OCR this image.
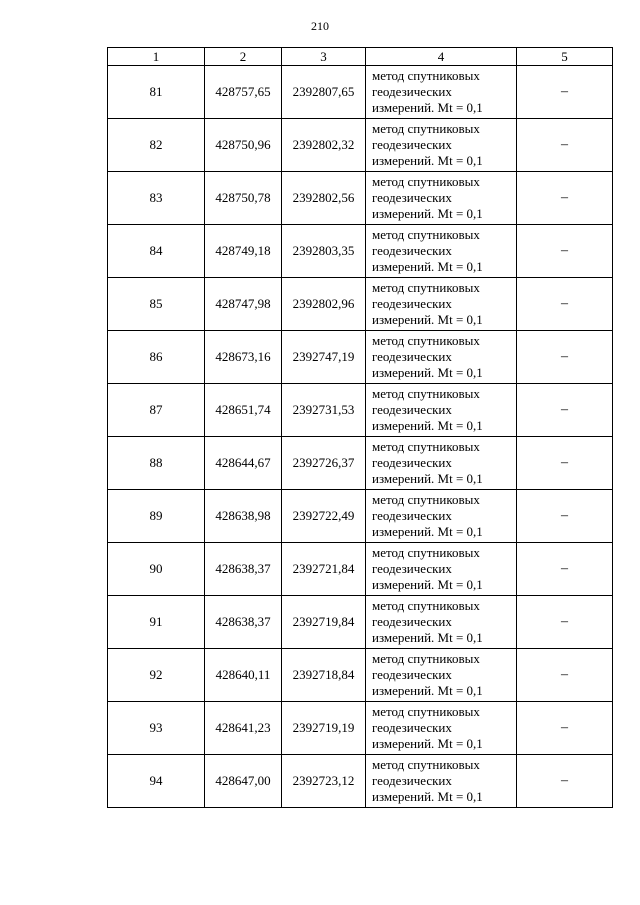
210
1	2	3	4	5
81	428757,65	2392807,65	метод спутниковых
геодезических
измерений. Mt = 0,1	–
82	428750,96	2392802,32	метод спутниковых
геодезических
измерений. Mt = 0,1	–
83	428750,78	2392802,56	метод спутниковых
геодезических
измерений. Mt = 0,1	–
84	428749,18	2392803,35	метод спутниковых
геодезических
измерений. Mt = 0,1	–
85	428747,98	2392802,96	метод спутниковых
геодезических
измерений. Mt = 0,1	–
86	428673,16	2392747,19	метод спутниковых
геодезических
измерений. Mt = 0,1	–
87	428651,74	2392731,53	метод спутниковых
геодезических
измерений. Mt = 0,1	–
88	428644,67	2392726,37	метод спутниковых
геодезических
измерений. Mt = 0,1	–
89	428638,98	2392722,49	метод спутниковых
геодезических
измерений. Mt = 0,1	–
90	428638,37	2392721,84	метод спутниковых
геодезических
измерений. Mt = 0,1	–
91	428638,37	2392719,84	метод спутниковых
геодезических
измерений. Mt = 0,1	–
92	428640,11	2392718,84	метод спутниковых
геодезических
измерений. Mt = 0,1	–
93	428641,23	2392719,19	метод спутниковых
геодезических
измерений. Mt = 0,1	–
94	428647,00	2392723,12	метод спутниковых
геодезических
измерений. Mt = 0,1	–
